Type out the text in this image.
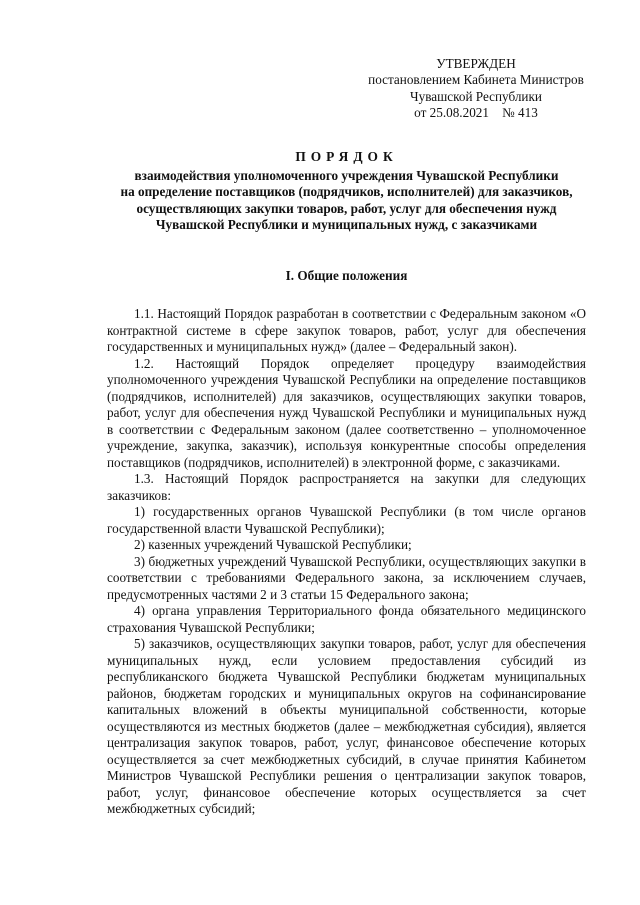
УТВЕРЖДЕН
постановлением Кабинета Министров
Чувашской Республики
от 25.08.2021    № 413
ПОРЯДОК
взаимодействия уполномоченного учреждения Чувашской Республики
на определение поставщиков (подрядчиков, исполнителей) для заказчиков,
осуществляющих закупки товаров, работ, услуг для обеспечения нужд
Чувашской Республики и муниципальных нужд, с заказчиками
I. Общие положения

1.1. Настоящий Порядок разработан в соответствии с Федеральным законом «О контрактной системе в сфере закупок товаров, работ, услуг для обеспечения государственных и муниципальных нужд» (далее – Федеральный закон).

1.2. Настоящий Порядок определяет процедуру взаимодействия уполномоченного учреждения Чувашской Республики на определение поставщиков (подрядчиков, исполнителей) для заказчиков, осуществляющих закупки товаров, работ, услуг для обеспечения нужд Чувашской Республики и муниципальных нужд в соответствии с Федеральным законом (далее соответственно – уполномоченное учреждение, закупка, заказчик), используя конкурентные способы определения поставщиков (подрядчиков, исполнителей) в электронной форме, с заказчиками.

1.3. Настоящий Порядок распространяется на закупки для следующих заказчиков:

1) государственных органов Чувашской Республики (в том числе органов государственной власти Чувашской Республики);

2) казенных учреждений Чувашской Республики;

3) бюджетных учреждений Чувашской Республики, осуществляющих закупки в соответствии с требованиями Федерального закона, за исключением случаев, предусмотренных частями 2 и 3 статьи 15 Федерального закона;

4) органа управления Территориального фонда обязательного медицинского страхования Чувашской Республики;

5) заказчиков, осуществляющих закупки товаров, работ, услуг для обеспечения муниципальных нужд, если условием предоставления субсидий из республиканского бюджета Чувашской Республики бюджетам муниципальных районов, бюджетам городских и муниципальных округов на софинансирование капитальных вложений в объекты муниципальной собственности, которые осуществляются из местных бюджетов (далее – межбюджетная субсидия), является централизация закупок товаров, работ, услуг, финансовое обеспечение которых осуществляется за счет межбюджетных субсидий, в случае принятия Кабинетом Министров Чувашской Республики решения о централизации закупок товаров, работ, услуг, финансовое обеспечение которых осуществляется за счет межбюджетных субсидий;
